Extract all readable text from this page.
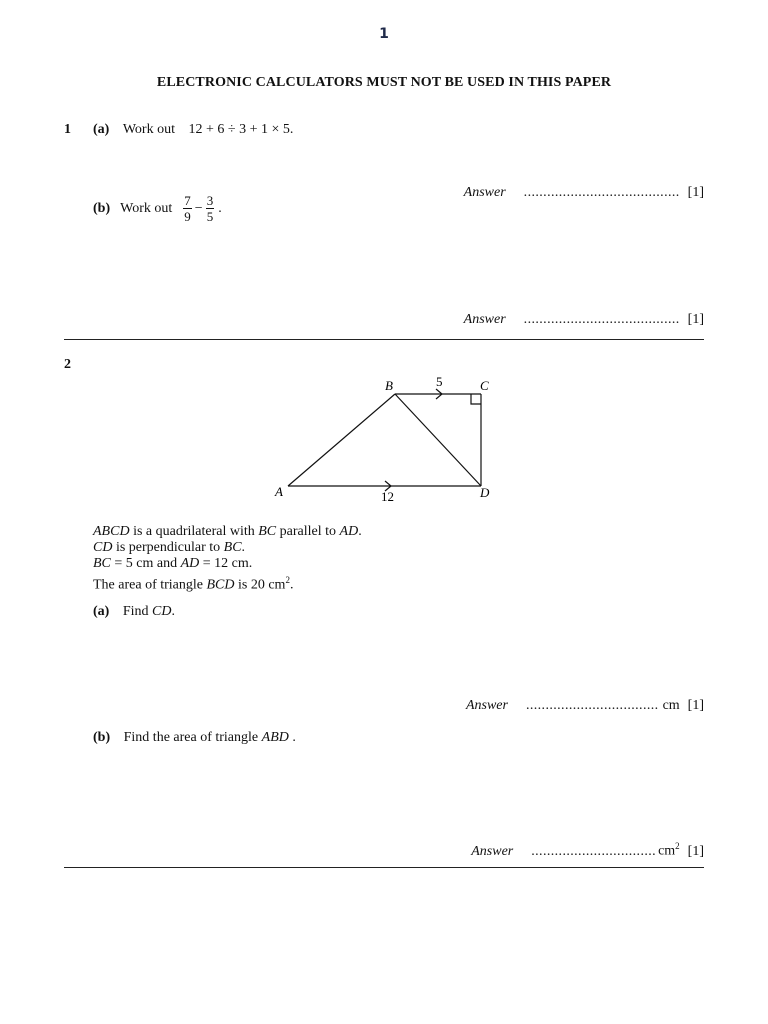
1
ELECTRONIC CALCULATORS MUST NOT BE USED IN THIS PAPER
1 (a) Work out 12 + 6 ÷ 3 + 1 × 5.
Answer ........................................ [1]
(b) Work out $\frac{7}{9} - \frac{3}{5}$ .
Answer ........................................ [1]
2
A
B	C
D
5
12
ABCD is a quadrilateral with BC parallel to AD.
CD is perpendicular to BC.
BC = 5 cm and AD = 12 cm.
The area of triangle BCD is 20 $cm^2$.
(a) Find CD.
Answer .................................. cm [1]
(b) Find the area of triangle ABD .
Answer ................................ $cm^2$ [1]
